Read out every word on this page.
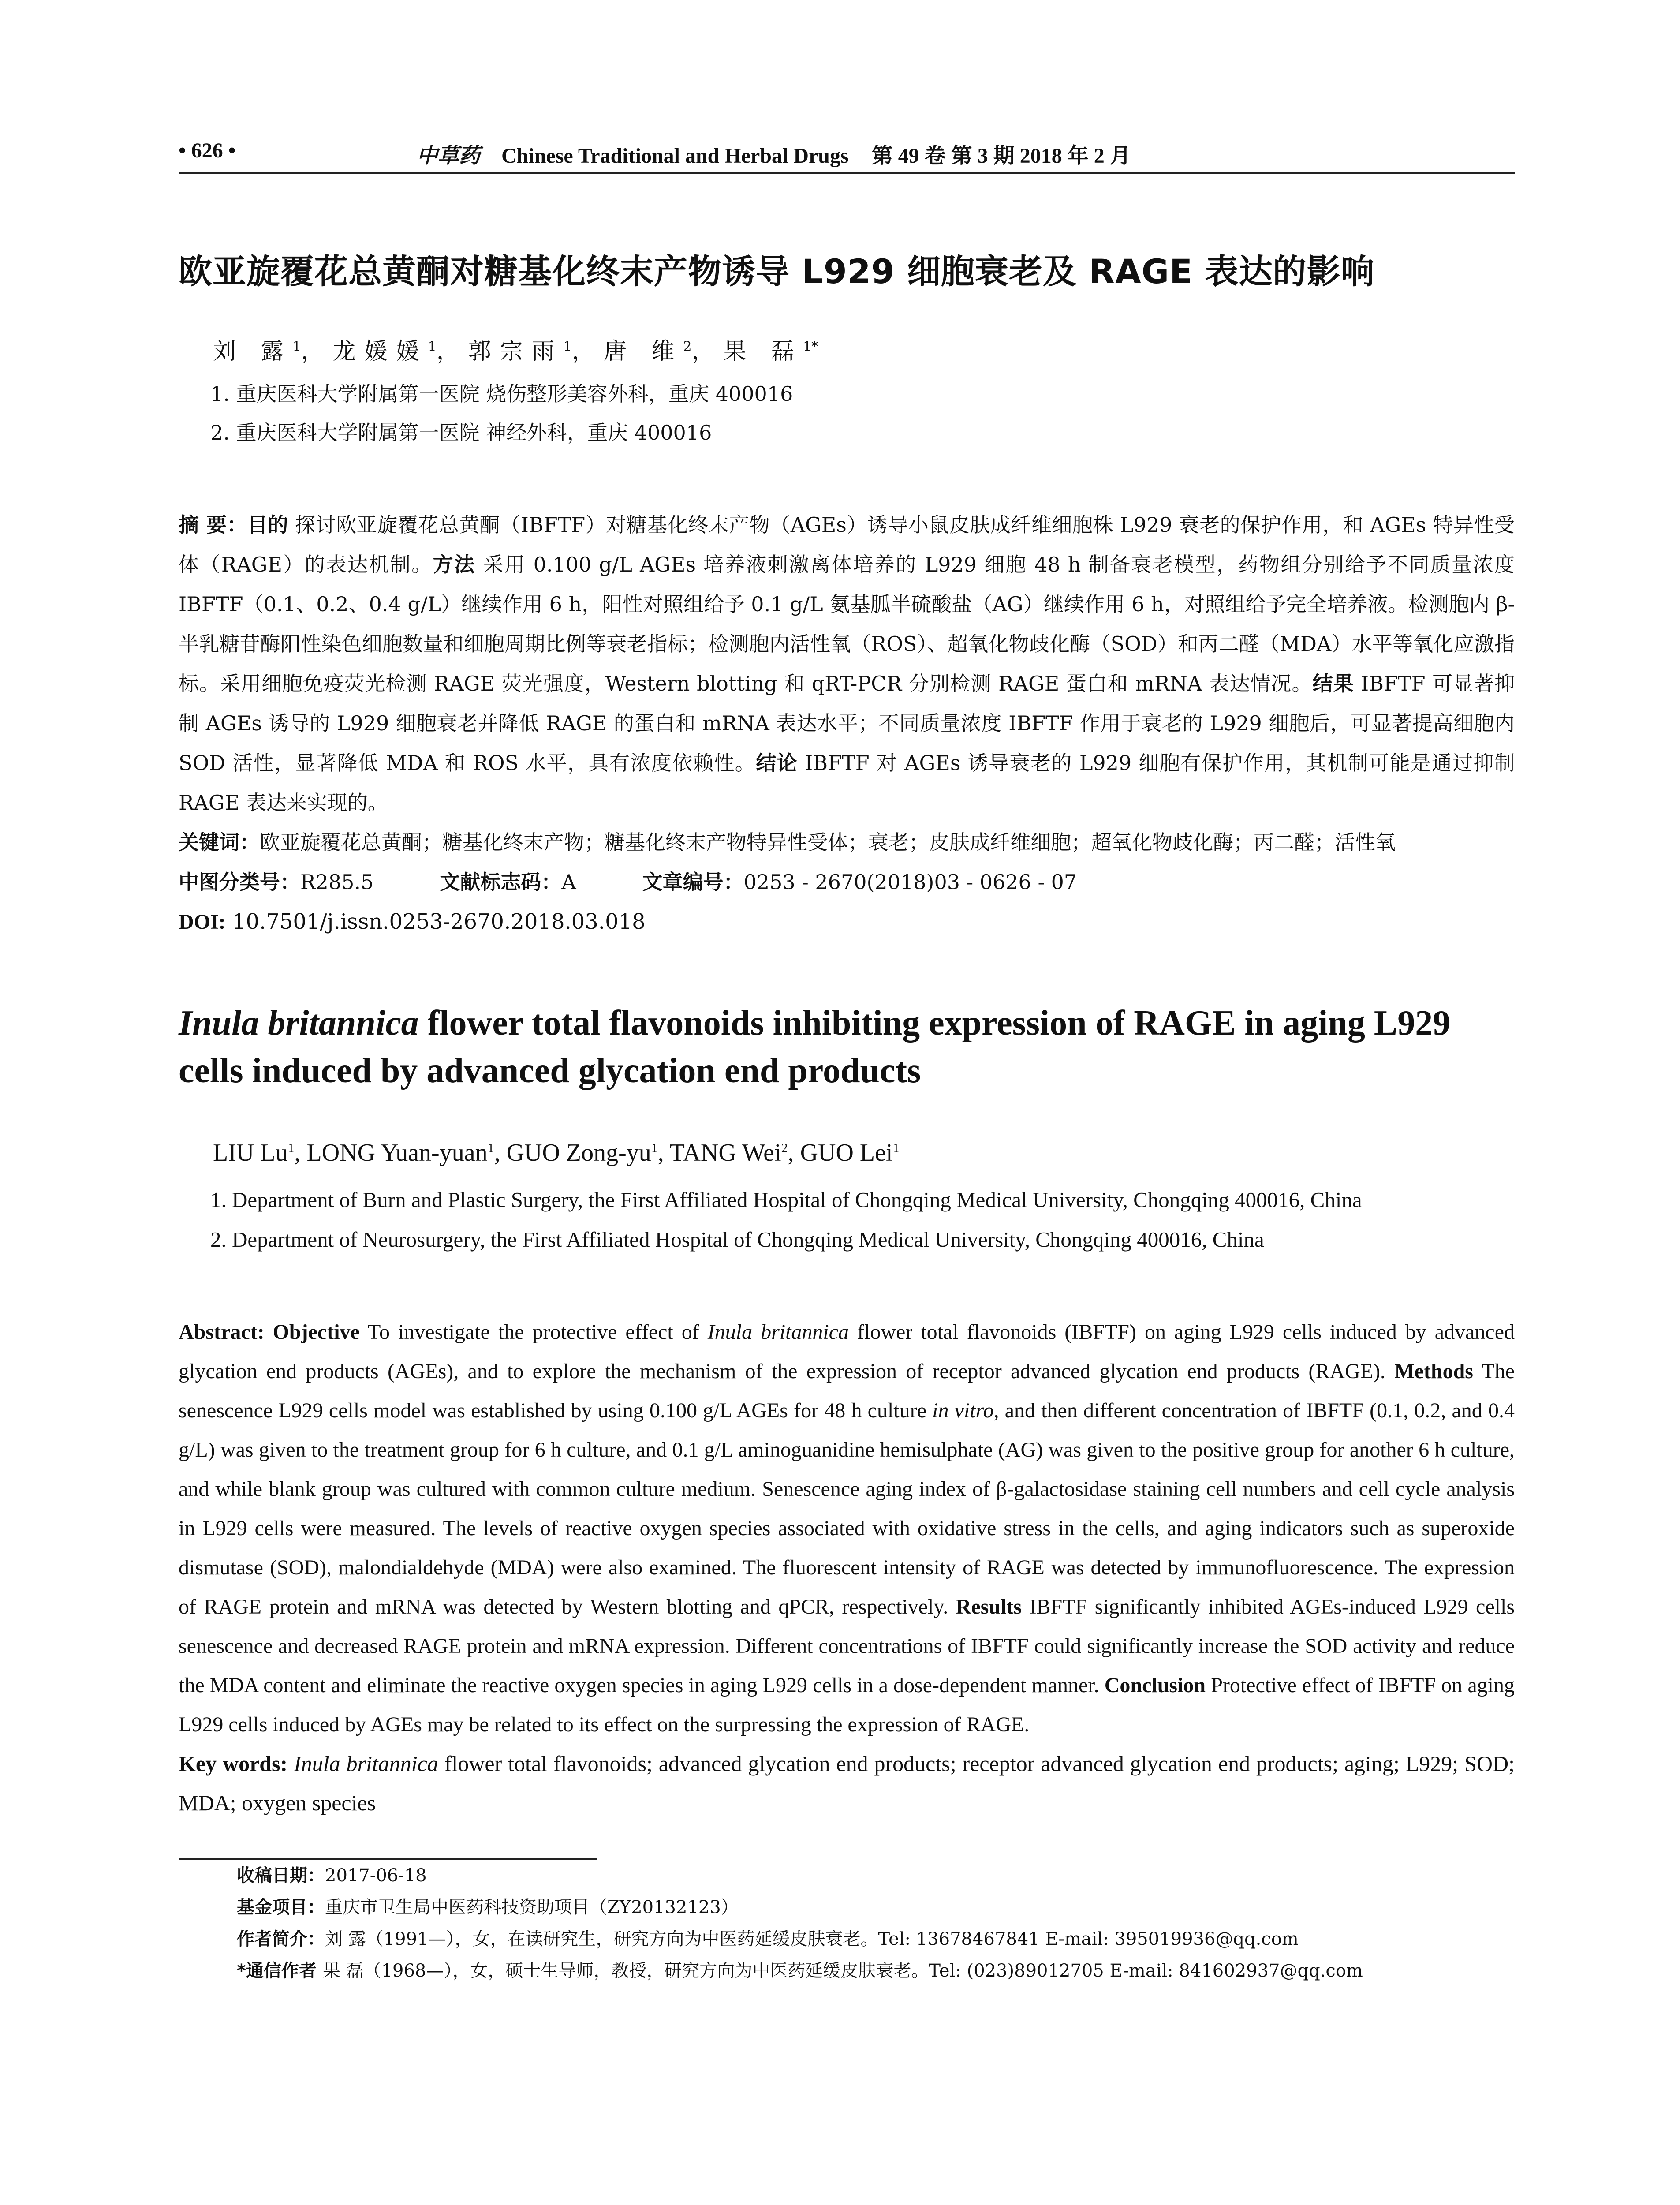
• 626 •	中草药 Chinese Traditional and Herbal Drugs 第 49 卷 第 3 期 2018 年 2 月
欧亚旋覆花总黄酮对糖基化终末产物诱导 L929 细胞衰老及 RAGE 表达的影响
刘 露$^1$，龙媛媛$^1$，郭宗雨$^1$，唐 维$^2$，果 磊$^{1*}$
1. 重庆医科大学附属第一医院 烧伤整形美容外科，重庆 400016
2. 重庆医科大学附属第一医院 神经外科，重庆 400016
摘 要：目的 探讨欧亚旋覆花总黄酮（IBFTF）对糖基化终末产物（AGEs）诱导小鼠皮肤成纤维细胞株 L929 衰老的保护作用，和 AGEs 特异性受体（RAGE）的表达机制。方法 采用 0.100 g/L AGEs 培养液刺激离体培养的 L929 细胞 48 h 制备衰老模型，药物组分别给予不同质量浓度 IBFTF（0.1、0.2、0.4 g/L）继续作用 6 h，阳性对照组给予 0.1 g/L 氨基胍半硫酸盐（AG）继续作用 6 h，对照组给予完全培养液。检测胞内 β-半乳糖苷酶阳性染色细胞数量和细胞周期比例等衰老指标；检测胞内活性氧（ROS）、超氧化物歧化酶（SOD）和丙二醛（MDA）水平等氧化应激指标。采用细胞免疫荧光检测 RAGE 荧光强度，Western blotting 和 qRT-PCR 分别检测 RAGE 蛋白和 mRNA 表达情况。结果 IBFTF 可显著抑制 AGEs 诱导的 L929 细胞衰老并降低 RAGE 的蛋白和 mRNA 表达水平；不同质量浓度 IBFTF 作用于衰老的 L929 细胞后，可显著提高细胞内 SOD 活性，显著降低 MDA 和 ROS 水平，具有浓度依赖性。结论 IBFTF 对 AGEs 诱导衰老的 L929 细胞有保护作用，其机制可能是通过抑制 RAGE 表达来实现的。
关键词：欧亚旋覆花总黄酮；糖基化终末产物；糖基化终末产物特异性受体；衰老；皮肤成纤维细胞；超氧化物歧化酶；丙二醛；活性氧
中图分类号：R285.5	文献标志码：A	文章编号：0253 - 2670(2018)03 - 0626 - 07
DOI: 10.7501/j.issn.0253-2670.2018.03.018
Inula britannica flower total flavonoids inhibiting expression of RAGE in aging L929 cells induced by advanced glycation end products
LIU Lu$^1$, LONG Yuan-yuan$^1$, GUO Zong-$yu^1$, TANG Wei$^2$, GUO Lei$^1$
1. Department of Burn and Plastic Surgery, the First Affiliated Hospital of Chongqing Medical University, Chongqing 400016, China
2. Department of Neurosurgery, the First Affiliated Hospital of Chongqing Medical University, Chongqing 400016, China
Abstract: Objective To investigate the protective effect of Inula britannica flower total flavonoids (IBFTF) on aging L929 cells induced by advanced glycation end products (AGEs), and to explore the mechanism of the expression of receptor advanced glycation end products (RAGE). Methods The senescence L929 cells model was established by using 0.100 g/L AGEs for 48 h culture in vitro, and then different concentration of IBFTF (0.1, 0.2, and 0.4 g/L) was given to the treatment group for 6 h culture, and 0.1 g/L aminoguanidine hemisulphate (AG) was given to the positive group for another 6 h culture, and while blank group was cultured with common culture medium. Senescence aging index of β-galactosidase staining cell numbers and cell cycle analysis in L929 cells were measured. The levels of reactive oxygen species associated with oxidative stress in the cells, and aging indicators such as superoxide dismutase (SOD), malondialdehyde (MDA) were also examined. The fluorescent intensity of RAGE was detected by immunofluorescence. The expression of RAGE protein and mRNA was detected by Western blotting and qPCR, respectively. Results IBFTF significantly inhibited AGEs-induced L929 cells senescence and decreased RAGE protein and mRNA expression. Different concentrations of IBFTF could significantly increase the SOD activity and reduce the MDA content and eliminate the reactive oxygen species in aging L929 cells in a dose-dependent manner. Conclusion Protective effect of IBFTF on aging L929 cells induced by AGEs may be related to its effect on the surpressing the expression of RAGE.
Key words: Inula britannica flower total flavonoids; advanced glycation end products; receptor advanced glycation end products; aging; L929; SOD; MDA; oxygen species
收稿日期：2017-06-18
基金项目：重庆市卫生局中医药科技资助项目（ZY20132123）
作者简介：刘 露（1991—），女，在读研究生，研究方向为中医药延缓皮肤衰老。Tel: 13678467841 E-mail: 395019936@qq.com
*通信作者 果 磊（1968—），女，硕士生导师，教授，研究方向为中医药延缓皮肤衰老。Tel: (023)89012705 E-mail: 841602937@qq.com
